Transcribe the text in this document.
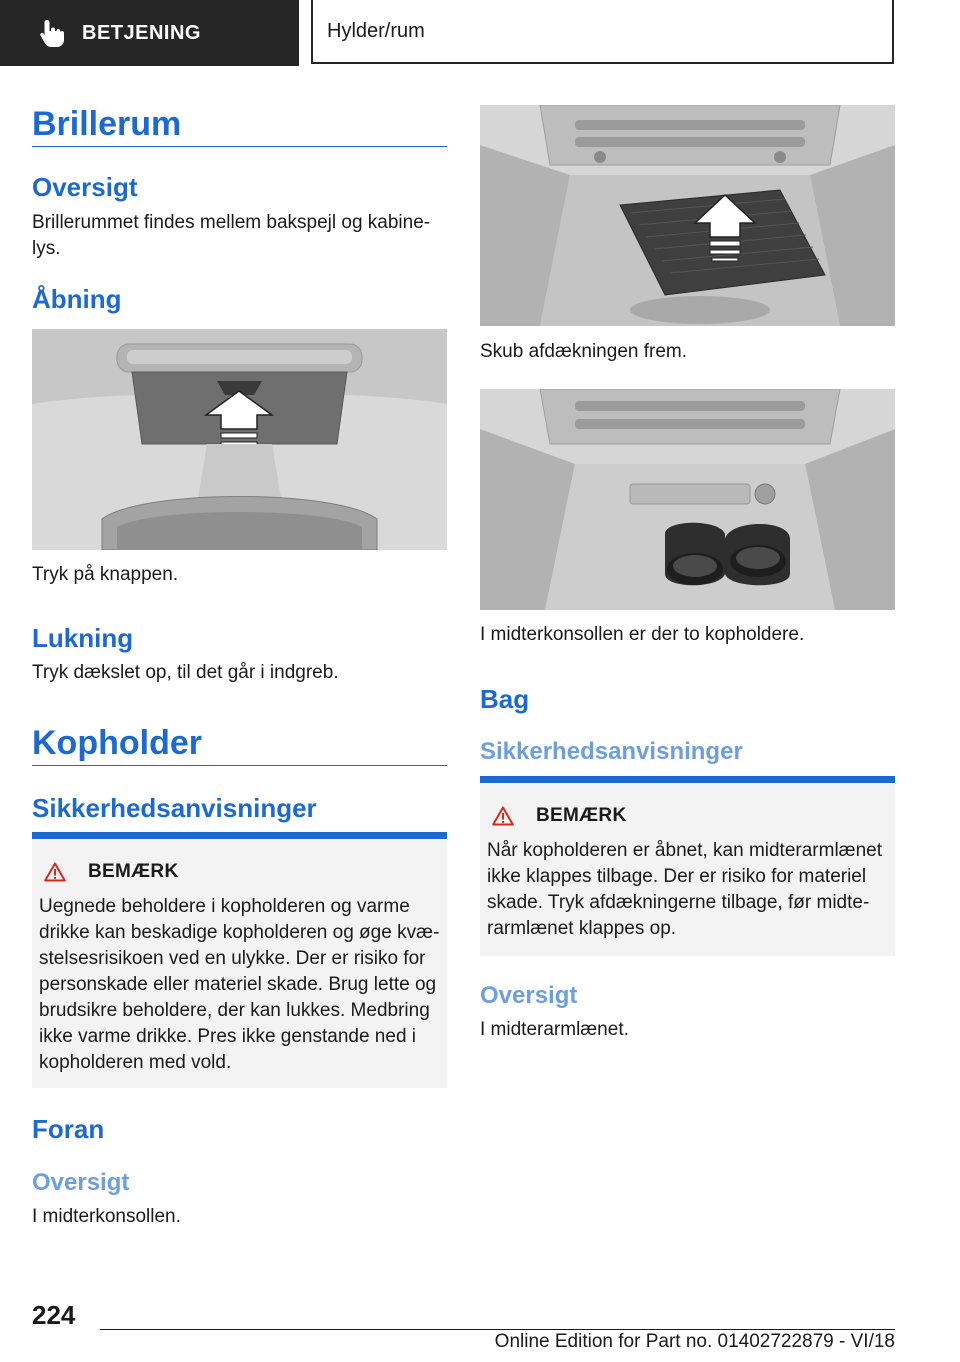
BETJENING	Hylder/rum
Brillerum
Oversigt

Brillerummet findes mellem bakspejl og kabinelys.

Åbning

Tryk på knappen.

Lukning

Tryk dækslet op, til det går i indgreb.

Kopholder
Sikkerhedsanvisninger
BEMÆRK
Uegnede beholdere i kopholderen og varme drikke kan beskadige kopholderen og øge kvæstelsesrisikoen ved en ulykke. Der er risiko for personskade eller materiel skade. Brug lette og brudsikre beholdere, der kan lukkes. Medbring ikke varme drikke. Pres ikke genstande ned i kopholderen med vold.
Foran
Oversigt

I midterkonsollen.

Skub afdækningen frem.

I midterkonsollen er der to kopholdere.

Bag
Sikkerhedsanvisninger
BEMÆRK
Når kopholderen er åbnet, kan midterarmlænet ikke klappes tilbage. Der er risiko for materiel skade. Tryk afdækningerne tilbage, før midterarmlænet klappes op.
Oversigt

I midterarmlænet.

224
Online Edition for Part no. 01402722879 - VI/18
